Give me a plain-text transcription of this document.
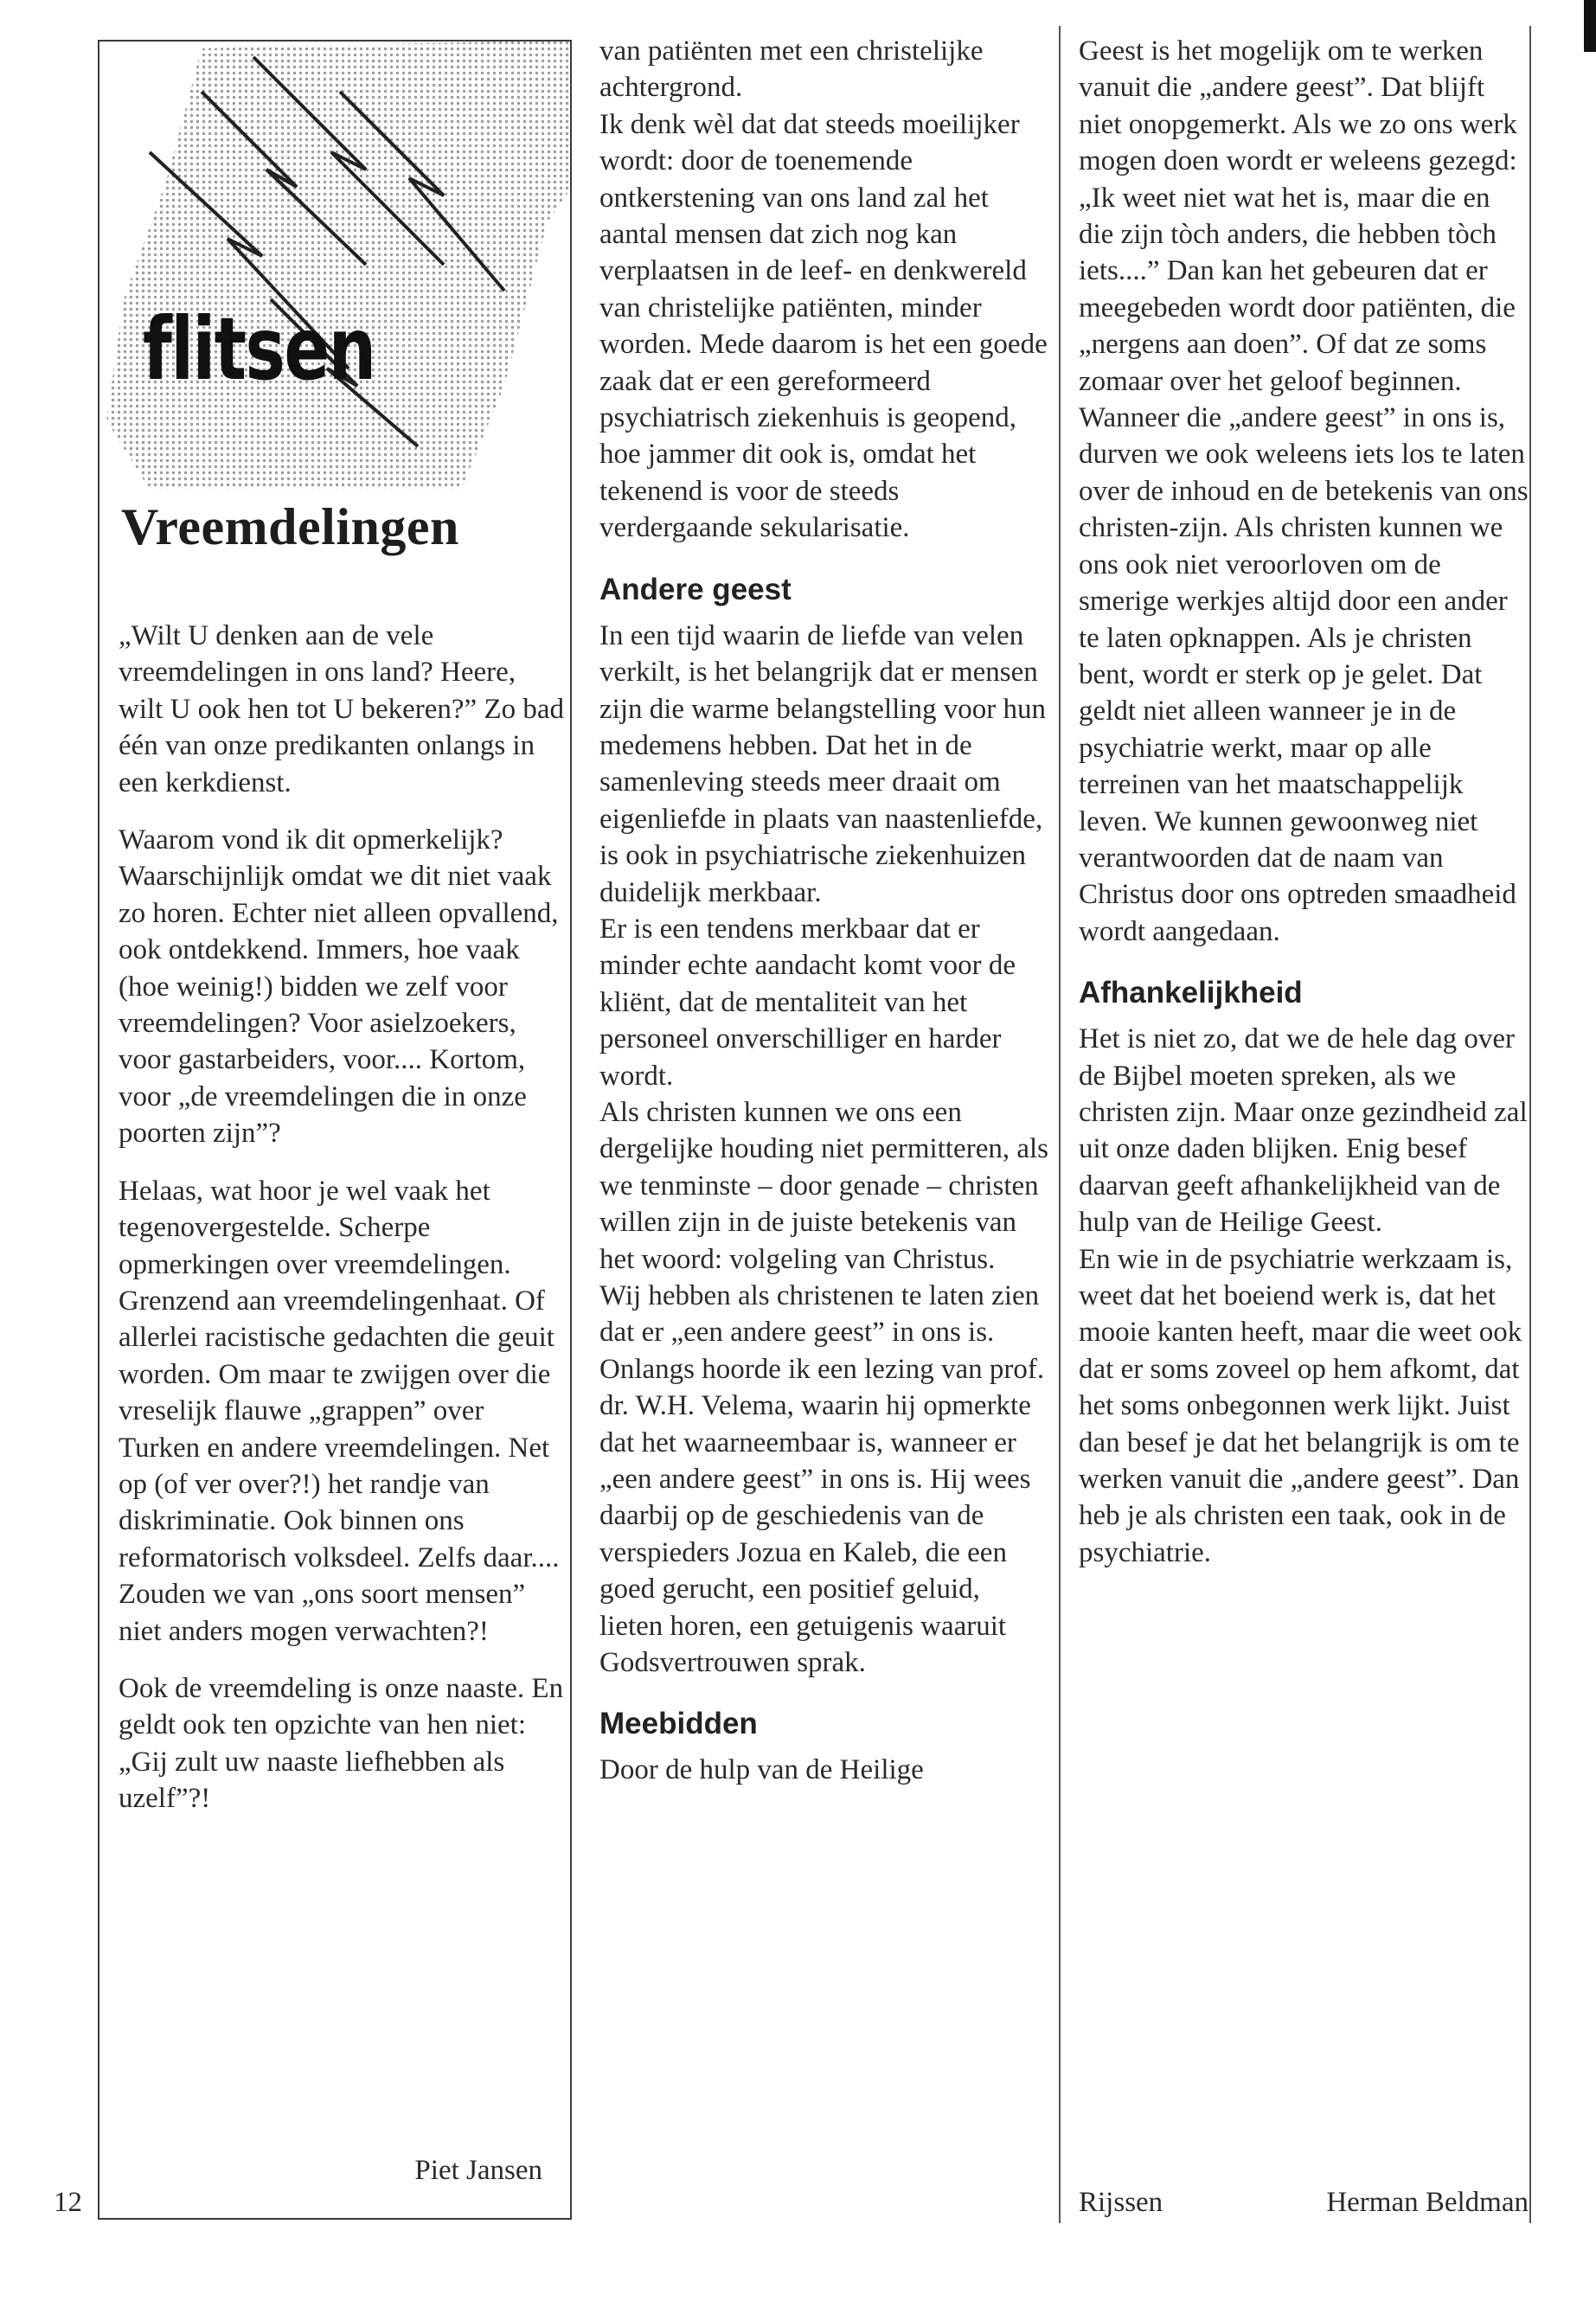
flitsen
Vreemdelingen

„Wilt U denken aan de vele vreemdelingen in ons land? Heere, wilt U ook hen tot U bekeren?” Zo bad één van onze predikanten onlangs in een kerkdienst.

Waarom vond ik dit opmerkelijk? Waarschijnlijk omdat we dit niet vaak zo horen. Echter niet alleen opvallend, ook ontdekkend. Immers, hoe vaak (hoe weinig!) bidden we zelf voor vreemdelingen? Voor asielzoekers, voor gastarbeiders, voor.... Kortom, voor „de vreemdelingen die in onze poorten zijn”?

Helaas, wat hoor je wel vaak het tegenovergestelde. Scherpe opmerkingen over vreemdelingen. Grenzend aan vreemdelingenhaat. Of allerlei racistische gedachten die geuit worden. Om maar te zwijgen over die vreselijk flauwe „grappen” over Turken en andere vreemdelingen. Net op (of ver over?!) het randje van diskriminatie. Ook binnen ons reformatorisch volksdeel. Zelfs daar.... Zouden we van „ons soort mensen” niet anders mogen verwachten?!

Ook de vreemdeling is onze naaste. En geldt ook ten opzichte van hen niet: „Gij zult uw naaste liefhebben als uzelf”?!

Piet Jansen
12

van patiënten met een christelijke achtergrond.

Ik denk wèl dat dat steeds moeilijker wordt: door de toenemende ontkerstening van ons land zal het aantal mensen dat zich nog kan verplaatsen in de leef- en denkwereld van christelijke patiënten, minder worden. Mede daarom is het een goede zaak dat er een gereformeerd psychiatrisch ziekenhuis is geopend, hoe jammer dit ook is, omdat het tekenend is voor de steeds verdergaande sekularisatie.

Andere geest

In een tijd waarin de liefde van velen verkilt, is het belangrijk dat er mensen zijn die warme belangstelling voor hun medemens hebben. Dat het in de samenleving steeds meer draait om eigenliefde in plaats van naastenliefde, is ook in psychiatrische ziekenhuizen duidelijk merkbaar.

Er is een tendens merkbaar dat er minder echte aandacht komt voor de kliënt, dat de mentaliteit van het personeel onverschilliger en harder wordt.

Als christen kunnen we ons een dergelijke houding niet permitteren, als we tenminste – door genade – christen willen zijn in de juiste betekenis van het woord: volgeling van Christus.

Wij hebben als christenen te laten zien dat er „een andere geest” in ons is. Onlangs hoorde ik een lezing van prof. dr. W.H. Velema, waarin hij opmerkte dat het waarneembaar is, wanneer er „een andere geest” in ons is. Hij wees daarbij op de geschiedenis van de verspieders Jozua en Kaleb, die een goed gerucht, een positief geluid, lieten horen, een getuigenis waaruit Godsvertrouwen sprak.

Meebidden

Door de hulp van de Heilige

Geest is het mogelijk om te werken vanuit die „andere geest”. Dat blijft niet onopgemerkt. Als we zo ons werk mogen doen wordt er weleens gezegd: „Ik weet niet wat het is, maar die en die zijn tòch anders, die hebben tòch iets....” Dan kan het gebeuren dat er meegebeden wordt door patiënten, die „nergens aan doen”. Of dat ze soms zomaar over het geloof beginnen. Wanneer die „andere geest” in ons is, durven we ook weleens iets los te laten over de inhoud en de betekenis van ons christen-zijn. Als christen kunnen we ons ook niet veroorloven om de smerige werkjes altijd door een ander te laten opknappen. Als je christen bent, wordt er sterk op je gelet. Dat geldt niet alleen wanneer je in de psychiatrie werkt, maar op alle terreinen van het maatschappelijk leven. We kunnen gewoonweg niet verantwoorden dat de naam van Christus door ons optreden smaadheid wordt aangedaan.

Afhankelijkheid

Het is niet zo, dat we de hele dag over de Bijbel moeten spreken, als we christen zijn. Maar onze gezindheid zal uit onze daden blijken. Enig besef daarvan geeft afhankelijkheid van de hulp van de Heilige Geest.

En wie in de psychiatrie werkzaam is, weet dat het boeiend werk is, dat het mooie kanten heeft, maar die weet ook dat er soms zoveel op hem afkomt, dat het soms onbegonnen werk lijkt. Juist dan besef je dat het belangrijk is om te werken vanuit die „andere geest”. Dan heb je als christen een taak, ook in de psychiatrie.

Rijssen	Herman Beldman
